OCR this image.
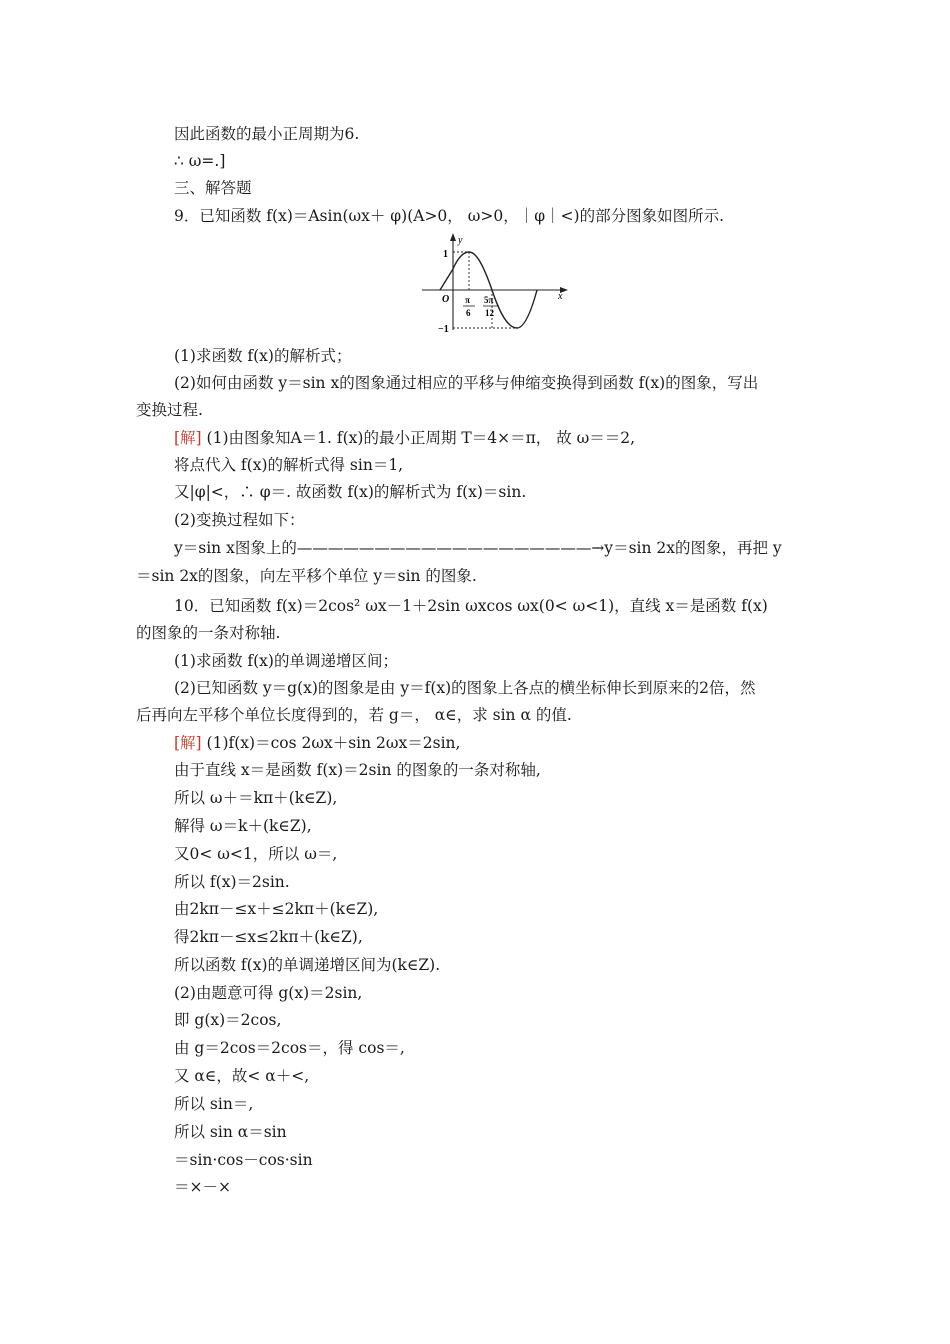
因此函数的最小正周期为6.
∴ ω=.]
三、解答题
9．已知函数 f(x)＝Asin(ωx＋ φ)(A>0， ω>0，｜φ｜<)的部分图象如图所示.
y
x
O
1
−1
π
6
5π
12
(1)求函数 f(x)的解析式；
(2)如何由函数 y＝sin x的图象通过相应的平移与伸缩变换得到函数 f(x)的图象，写出
变换过程.
[解] (1)由图象知A＝1. f(x)的最小正周期 T＝4×＝π， 故 ω＝＝2,
将点代入 f(x)的解析式得 sin＝1,
又|φ|<，∴ φ＝. 故函数 f(x)的解析式为 f(x)＝sin.
(2)变换过程如下：
y＝sin x图象上的———————————————————→y＝sin 2x的图象，再把 y
＝sin 2x的图象，向左平移个单位 y＝sin 的图象.
10．已知函数 f(x)＝2cos² ωx－1＋2sin ωxcos ωx(0< ω<1)，直线 x＝是函数 f(x)
的图象的一条对称轴.
(1)求函数 f(x)的单调递增区间；
(2)已知函数 y＝g(x)的图象是由 y＝f(x)的图象上各点的横坐标伸长到原来的2倍，然
后再向左平移个单位长度得到的，若 g＝， α∈，求 sin α 的值.
[解] (1)f(x)＝cos 2ωx＋sin 2ωx＝2sin,
由于直线 x＝是函数 f(x)＝2sin 的图象的一条对称轴,
所以 ω＋＝kπ＋(k∈Z),
解得 ω＝k＋(k∈Z),
又0< ω<1，所以 ω＝,
所以 f(x)＝2sin.
由2kπ－≤x＋≤2kπ＋(k∈Z),
得2kπ－≤x≤2kπ＋(k∈Z),
所以函数 f(x)的单调递增区间为(k∈Z).
(2)由题意可得 g(x)＝2sin,
即 g(x)＝2cos,
由 g＝2cos＝2cos＝，得 cos＝,
又 α∈，故< α＋<,
所以 sin＝,
所以 sin α＝sin
＝sin·cos－cos·sin
＝×－×
